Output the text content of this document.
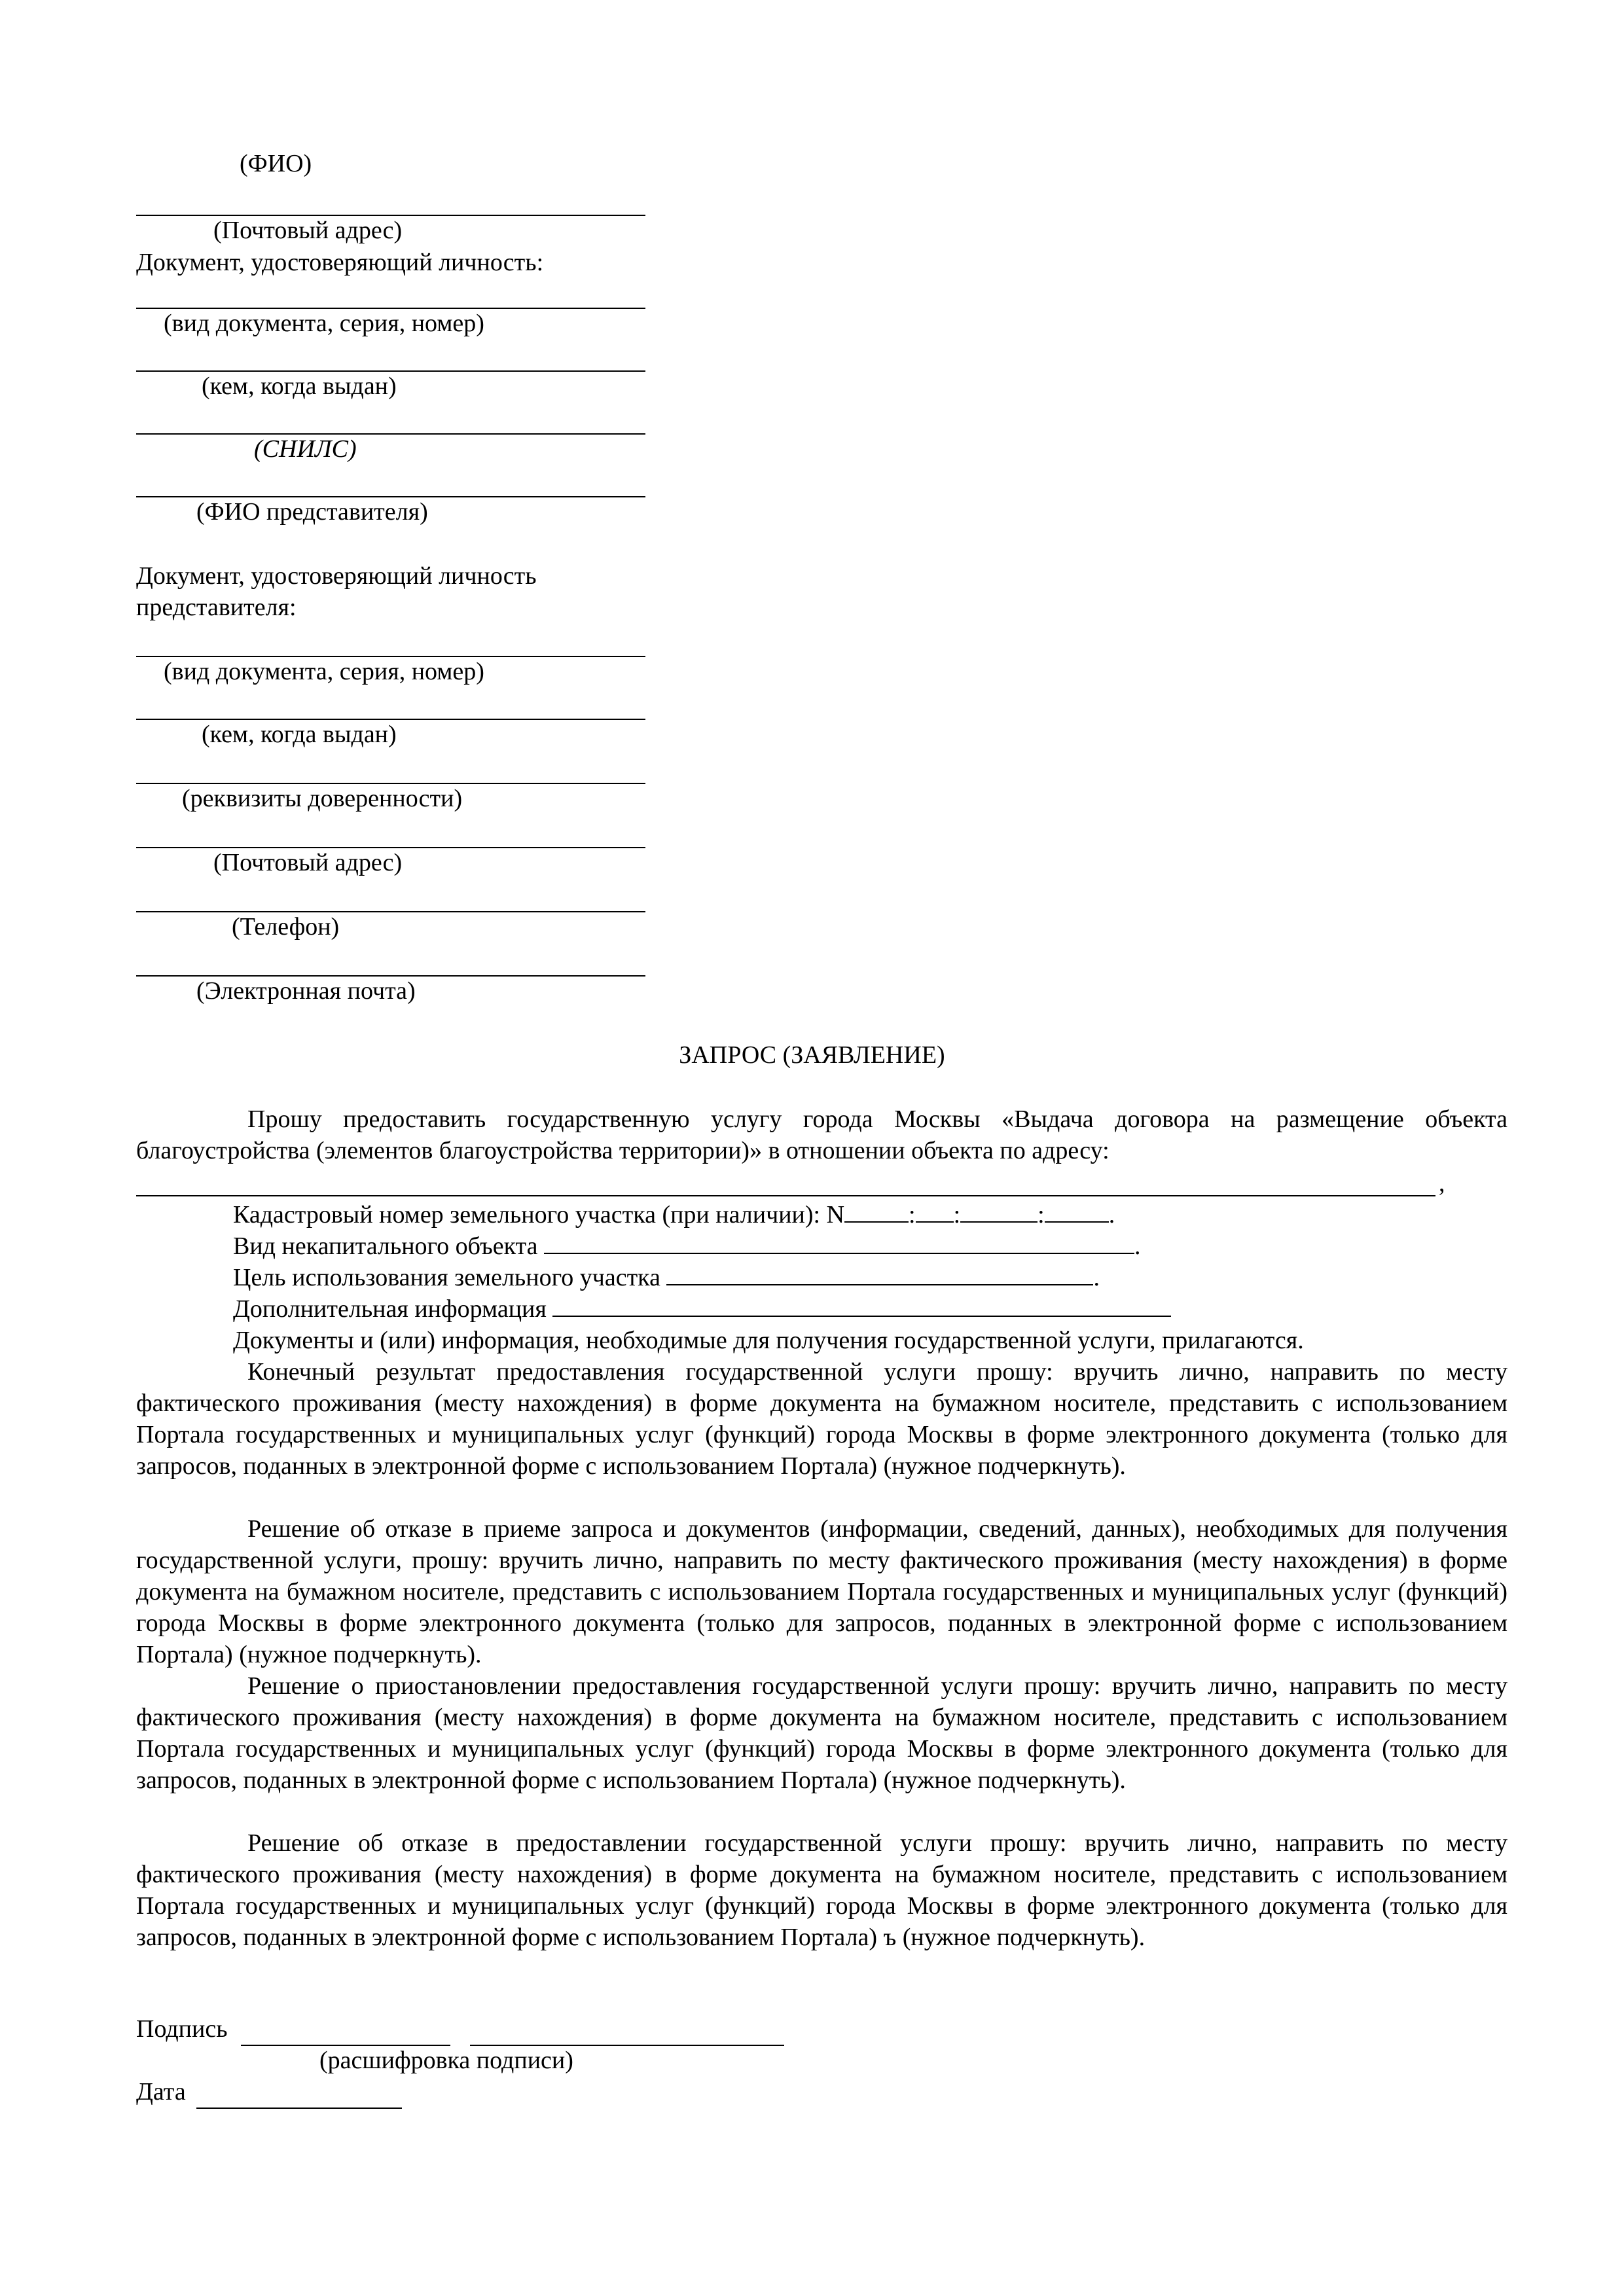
(ФИО)
(Почтовый адрес)
Документ, удостоверяющий личность:
(вид документа, серия, номер)
(кем, когда выдан)
(СНИЛС)
(ФИО представителя)
Документ, удостоверяющий личность
представителя:
(вид документа, серия, номер)
(кем, когда выдан)
(реквизиты доверенности)
(Почтовый адрес)
(Телефон)
(Электронная почта)
ЗАПРОС (ЗАЯВЛЕНИЕ)
Прошу предоставить государственную услугу города Москвы «Выдача договора на размещение объекта благоустройства (элементов благоустройства территории)» в отношении объекта по адресу:
,
Кадастровый номер земельного участка (при наличии): N	: :	:	.
Вид некапитального объекта	.
Цель использования земельного участка	.
Дополнительная информация
Документы и (или) информация, необходимые для получения государственной услуги, прилагаются.
Конечный результат предоставления государственной услуги прошу: вручить лично, направить по месту фактического проживания (месту нахождения) в форме документа на бумажном носителе, представить с использованием Портала государственных и муниципальных услуг (функций) города Москвы в форме электронного документа (только для запросов, поданных в электронной форме с использованием Портала) (нужное подчеркнуть).
Решение об отказе в приеме запроса и документов (информации, сведений, данных), необходимых для получения государственной услуги, прошу: вручить лично, направить по месту фактического проживания (месту нахождения) в форме документа на бумажном носителе, представить с использованием Портала государственных и муниципальных услуг (функций) города Москвы в форме электронного документа (только для запросов, поданных в электронной форме с использованием Портала) (нужное подчеркнуть).
Решение о приостановлении предоставления государственной услуги прошу: вручить лично, направить по месту фактического проживания (месту нахождения) в форме документа на бумажном носителе, представить с использованием Портала государственных и муниципальных услуг (функций) города Москвы в форме электронного документа (только для запросов, поданных в электронной форме с использованием Портала) (нужное подчеркнуть).
Решение об отказе в предоставлении государственной услуги прошу: вручить лично, направить по месту фактического проживания (месту нахождения) в форме документа на бумажном носителе, представить с использованием Портала государственных и муниципальных услуг (функций) города Москвы в форме электронного документа (только для запросов, поданных в электронной форме с использованием Портала) ъ (нужное подчеркнуть).
Подпись
(расшифровка подписи)
Дата
